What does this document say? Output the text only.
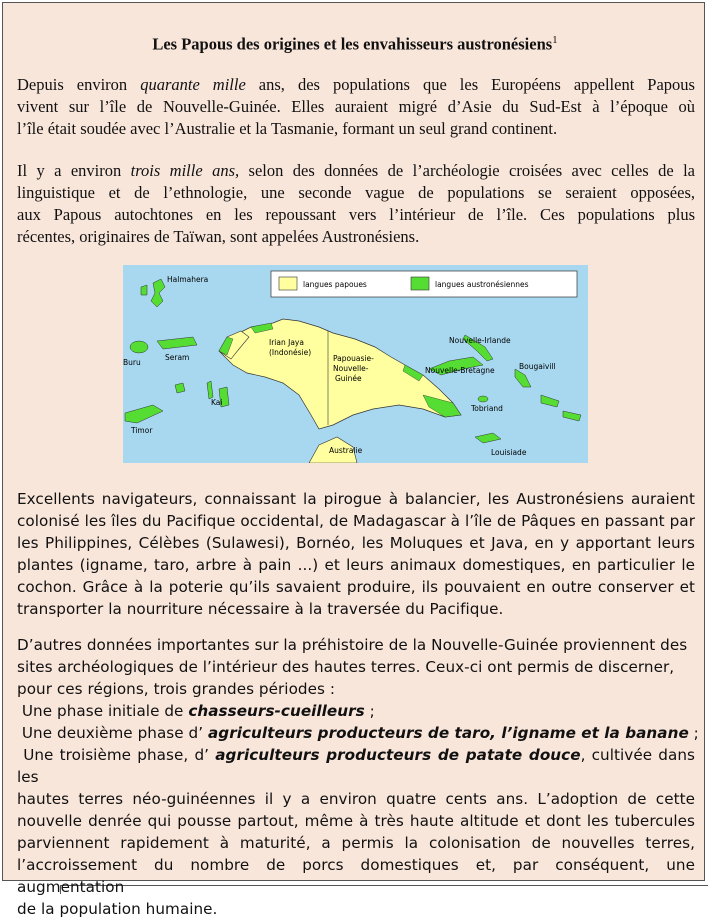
Les Papous des origines et les envahisseurs austronésiens$^1$
Depuis environ quarante mille ans, des populations que les Européens appellent Papous
vivent sur l’île de Nouvelle-Guinée. Elles auraient migré d’Asie du Sud-Est à l’époque où
l’île était soudée avec l’Australie et la Tasmanie, formant un seul grand continent.
Il y a environ trois mille ans, selon des données de l’archéologie croisées avec celles de la
linguistique et de l’ethnologie, une seconde vague de populations se seraient opposées,
aux Papous autochtones en les repoussant vers l’intérieur de l’île. Ces populations plus
récentes, originaires de Taïwan, sont appelées Austronésiens.
langues papoues	langues austronésiennes
Halmahera
Buru
Seram
Kai
Timor
Irian Jaya
(Indonésie)
Papouasie-
Nouvelle-
Guinée
Nouvelle-Irlande
Nouvelle-Bretagne	Bougaivill
Tobriand
Australie	Louisiade
Excellents navigateurs, connaissant la pirogue à balancier, les Austronésiens auraient
colonisé les îles du Pacifique occidental, de Madagascar à l’île de Pâques en passant par
les Philippines, Célèbes (Sulawesi), Bornéo, les Moluques et Java, en y apportant leurs
plantes (igname, taro, arbre à pain ...) et leurs animaux domestiques, en particulier le
cochon. Grâce à la poterie qu’ils savaient produire, ils pouvaient en outre conserver et
transporter la nourriture nécessaire à la traversée du Pacifique.
D’autres données importantes sur la préhistoire de la Nouvelle-Guinée proviennent des
sites archéologiques de l’intérieur des hautes terres. Ceux-ci ont permis de discerner,
pour ces régions, trois grandes périodes :
Une phase initiale de chasseurs-cueilleurs ;
Une deuxième phase d’ agriculteurs producteurs de taro, l’igname et la banane ;
Une troisième phase, d’ agriculteurs producteurs de patate douce, cultivée dans les
hautes terres néo-guinéennes il y a environ quatre cents ans. L’adoption de cette
nouvelle denrée qui pousse partout, même à très haute altitude et dont les tubercules
parviennent rapidement à maturité, a permis la colonisation de nouvelles terres,
l’accroissement du nombre de porcs domestiques et, par conséquent, une augmentation
de la population humaine.
